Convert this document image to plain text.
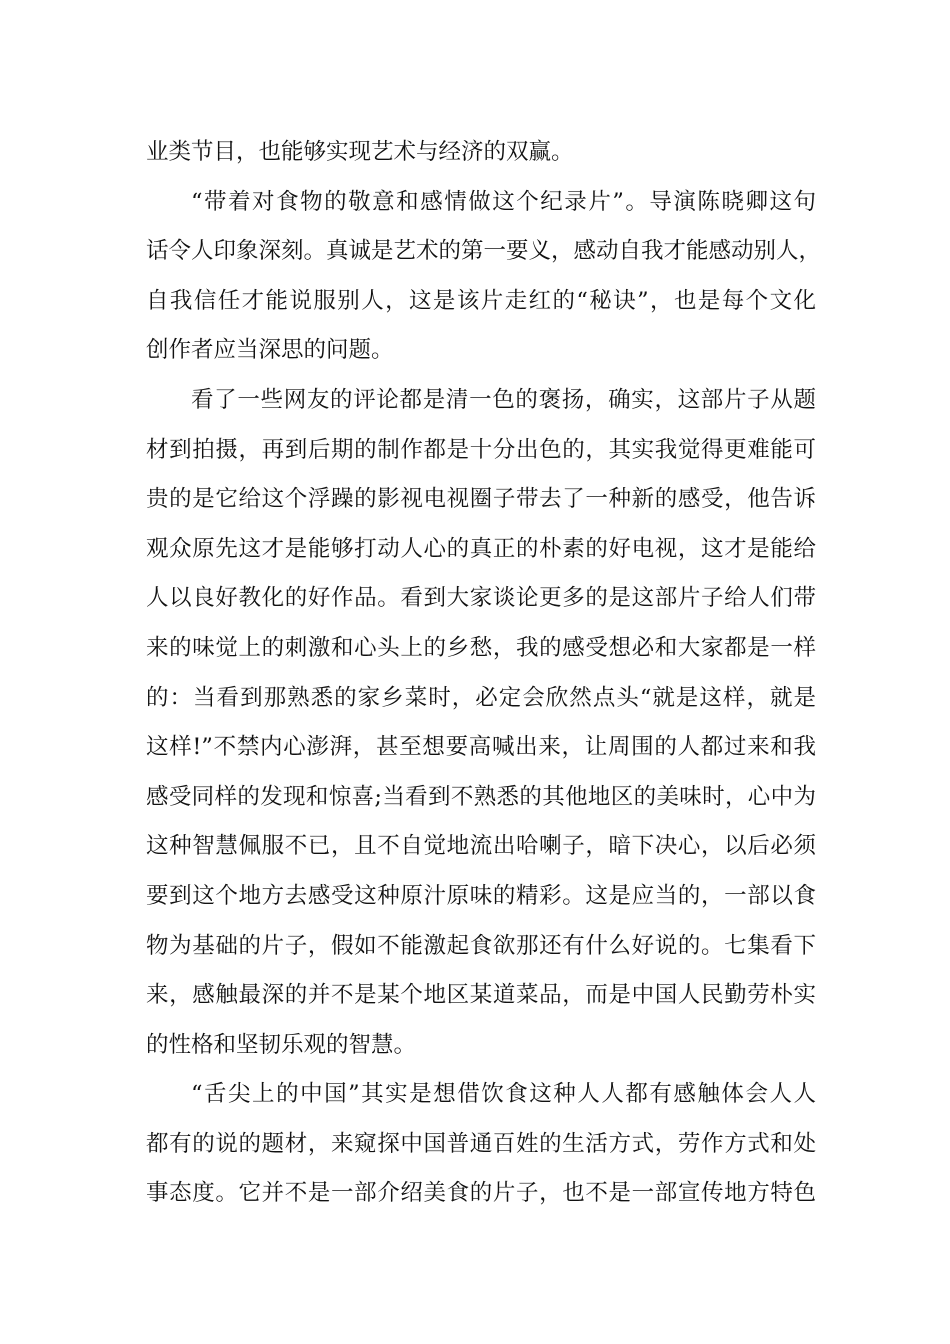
业类节目，也能够实现艺术与经济的双赢。
“带着对食物的敬意和感情做这个纪录片”。导演陈晓卿这句
话令人印象深刻。真诚是艺术的第一要义，感动自我才能感动别人，
自我信任才能说服别人，这是该片走红的“秘诀”，也是每个文化
创作者应当深思的问题。
看了一些网友的评论都是清一色的褒扬，确实，这部片子从题
材到拍摄，再到后期的制作都是十分出色的，其实我觉得更难能可
贵的是它给这个浮躁的影视电视圈子带去了一种新的感受，他告诉
观众原先这才是能够打动人心的真正的朴素的好电视，这才是能给
人以良好教化的好作品。看到大家谈论更多的是这部片子给人们带
来的味觉上的刺激和心头上的乡愁，我的感受想必和大家都是一样
的：当看到那熟悉的家乡菜时，必定会欣然点头“就是这样，就是
这样!”不禁内心澎湃，甚至想要高喊出来，让周围的人都过来和我
感受同样的发现和惊喜;当看到不熟悉的其他地区的美味时，心中为
这种智慧佩服不已，且不自觉地流出哈喇子，暗下决心，以后必须
要到这个地方去感受这种原汁原味的精彩。这是应当的，一部以食
物为基础的片子，假如不能激起食欲那还有什么好说的。七集看下
来，感触最深的并不是某个地区某道菜品，而是中国人民勤劳朴实
的性格和坚韧乐观的智慧。
“舌尖上的中国”其实是想借饮食这种人人都有感触体会人人
都有的说的题材，来窥探中国普通百姓的生活方式，劳作方式和处
事态度。它并不是一部介绍美食的片子，也不是一部宣传地方特色
